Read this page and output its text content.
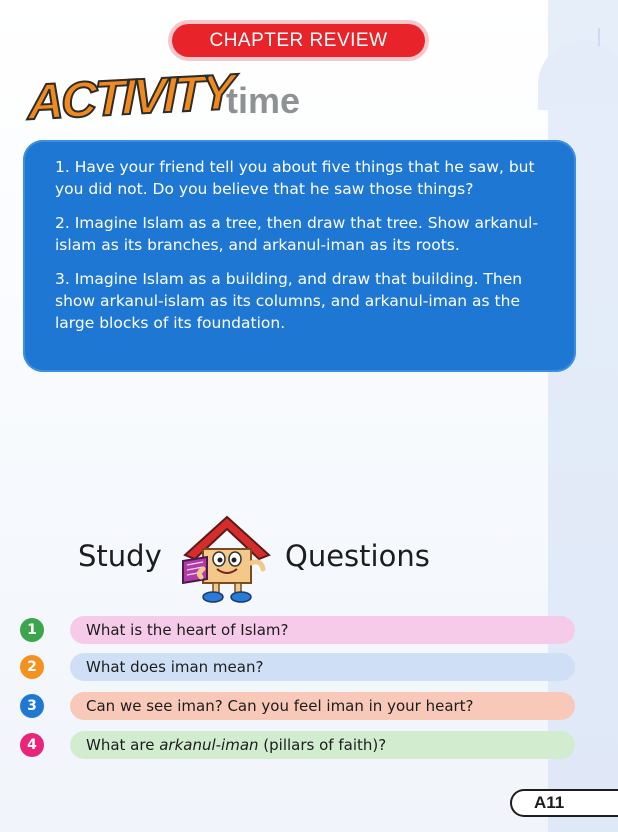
CHAPTER REVIEW
ACTIVITY
time

1. Have your friend tell you about five things that he saw, but you did not. Do you believe that he saw those things?

2. Imagine Islam as a tree, then draw that tree. Show arkanul-islam as its branches, and arkanul-iman as its roots.

3. Imagine Islam as a building, and draw that building. Then show arkanul-islam as its columns, and arkanul-iman as the large blocks of its foundation.

Study	Questions
1	What is the heart of Islam?
2	What does iman mean?
3	Can we see iman? Can you feel iman in your heart?
4	What are arkanul-iman (pillars of faith)?
A11
